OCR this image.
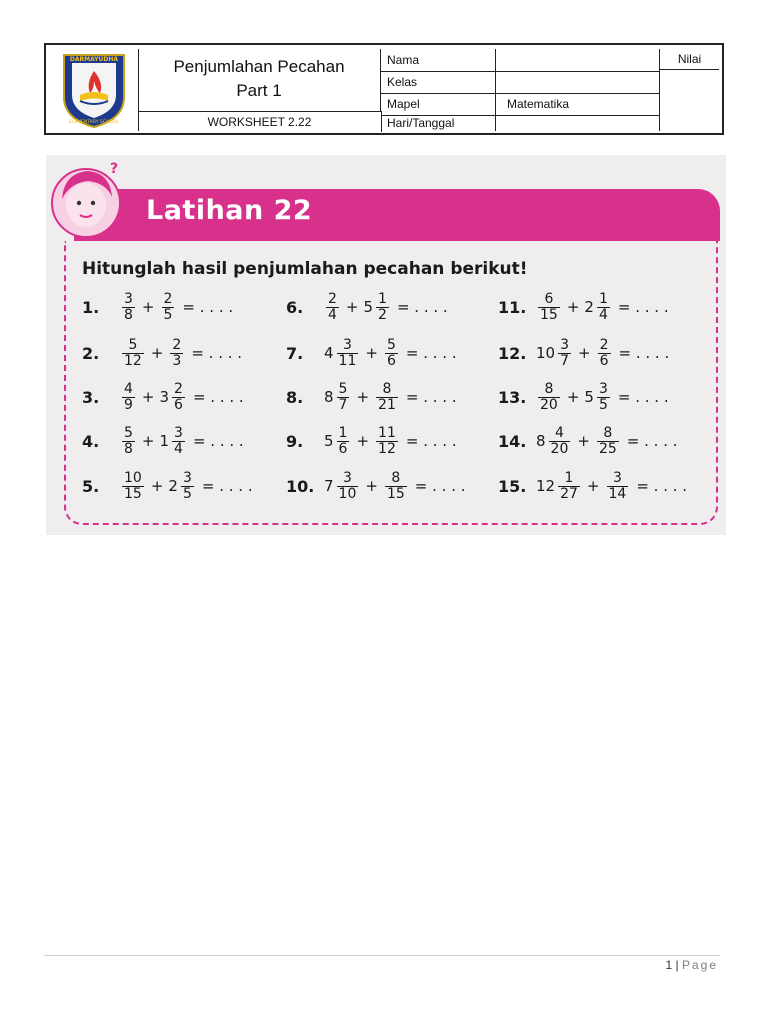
DARMAYUDHA
ELEMENTARY SCHOOL
Penjumlahan Pecahan
Part 1
WORKSHEET 2.22
Nama
Kelas
Mapel	Matematika
Hari/Tanggal
Nilai
Latihan 22
?
Hitunglah hasil penjumlahan pecahan berikut!
1.	$\frac{3}{8} + \frac{2}{5}$ = . . . .
2.	$\frac{5}{12} + \frac{2}{3}$ = . . . .
3.	$\frac{4}{9} + 3 \frac{2}{6}$ = . . . .
4.	$\frac{5}{8} + 1 \frac{3}{4}$ = . . . .
5.	$\frac{10}{15} + 2 \frac{3}{5}$ = . . . .
6.	$\frac{2}{4} + 5 \frac{1}{2}$ = . . . .
7.	$4 \frac{3}{11} + \frac{5}{6}$ = . . . .
8.	$8 \frac{5}{7} + \frac{8}{21}$ = . . . .
9.	$5 \frac{1}{6} + \frac{11}{12}$ = . . . .
10. $7 \frac{3}{10} + \frac{8}{15}$ = . . . .
11. $\frac{6}{15} + 2 \frac{1}{4}$ = . . . .
12. $10 \frac{3}{7} + \frac{2}{6}$ = . . . .
13. $\frac{8}{20} + 5 \frac{3}{5}$ = . . . .
14. $8 \frac{4}{20} + \frac{8}{25}$ = . . . .
15. $12 \frac{1}{27} + \frac{3}{14}$ = . . . .
1 | Page
